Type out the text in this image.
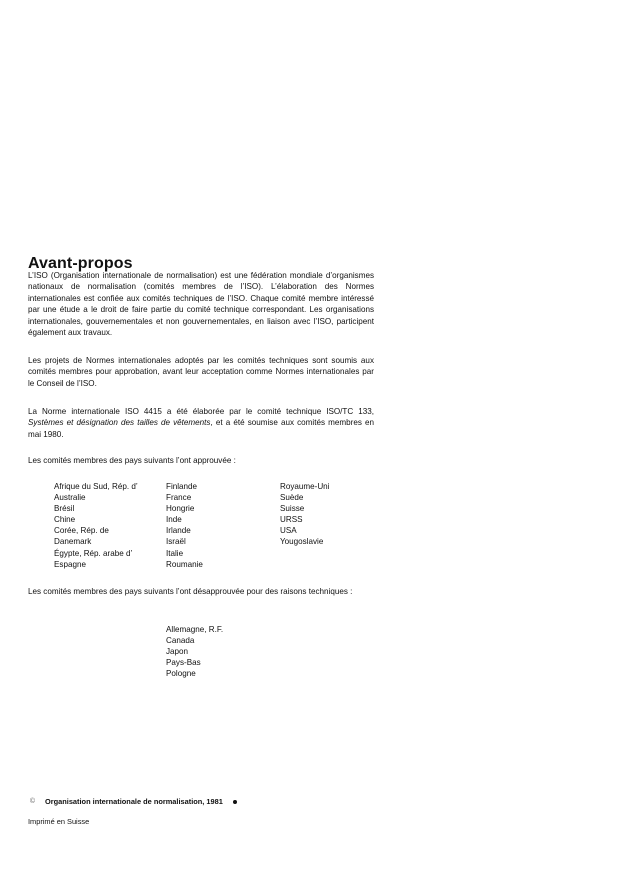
Avant-propos

L’ISO (Organisation internationale de normalisation) est une fédération mondiale d’organismes nationaux de normalisation (comités membres de l’ISO). L’élaboration des Normes internationales est confiée aux comités techniques de l’ISO. Chaque comité membre intéressé par une étude a le droit de faire partie du comité technique correspondant. Les organisations internationales, gouvernementales et non gouvernementales, en liaison avec l’ISO, participent également aux travaux.

Les projets de Normes internationales adoptés par les comités techniques sont soumis aux comités membres pour approbation, avant leur acceptation comme Normes internationales par le Conseil de l’ISO.

La Norme internationale ISO 4415 a été élaborée par le comité technique ISO/TC 133, Systèmes et désignation des tailles de vêtements, et a été soumise aux comités membres en mai 1980.

Les comités membres des pays suivants l’ont approuvée :

Afrique du Sud, Rép. d’
Australie
Brésil
Chine
Corée, Rép. de
Danemark
Égypte, Rép. arabe d’
Espagne
Finlande
France
Hongrie
Inde
Irlande
Israël
Italie
Roumanie
Royaume-Uni
Suède
Suisse
URSS
USA
Yougoslavie

Les comités membres des pays suivants l’ont désapprouvée pour des raisons techniques :

Allemagne, R.F.
Canada
Japon
Pays-Bas
Pologne
© Organisation internationale de normalisation, 1981
Imprimé en Suisse
